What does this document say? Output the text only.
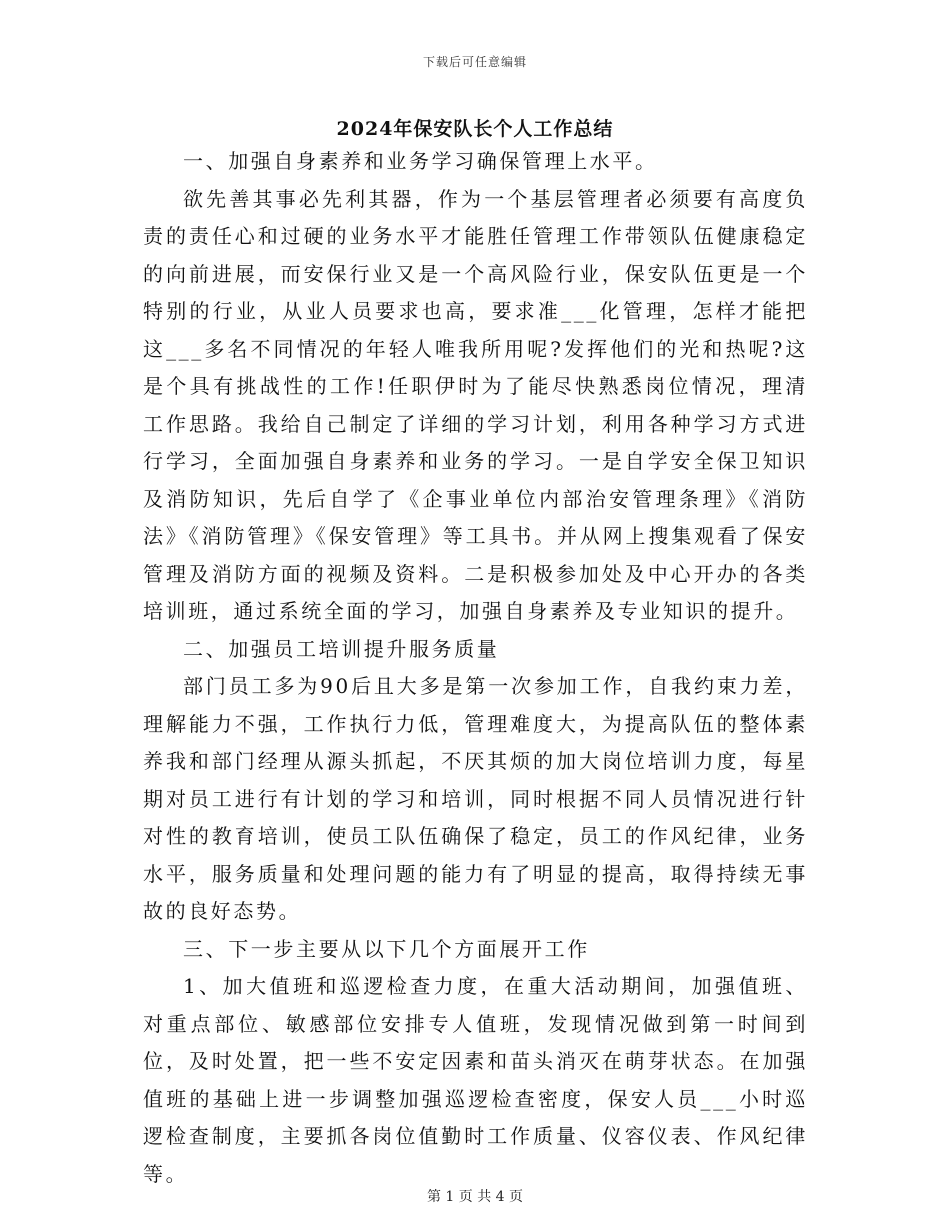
下载后可任意编辑
2024年保安队长个人工作总结

一、加强自身素养和业务学习确保管理上水平。

欲先善其事必先利其器，作为一个基层管理者必须要有高度负责的责任心和过硬的业务水平才能胜任管理工作带领队伍健康稳定的向前进展，而安保行业又是一个高风险行业，保安队伍更是一个特别的行业，从业人员要求也高，要求准___化管理，怎样才能把这___多名不同情况的年轻人唯我所用呢?发挥他们的光和热呢?这是个具有挑战性的工作!任职伊时为了能尽快熟悉岗位情况，理清工作思路。我给自己制定了详细的学习计划，利用各种学习方式进行学习，全面加强自身素养和业务的学习。一是自学安全保卫知识及消防知识，先后自学了《企事业单位内部治安管理条理》《消防法》《消防管理》《保安管理》等工具书。并从网上搜集观看了保安管理及消防方面的视频及资料。二是积极参加处及中心开办的各类培训班，通过系统全面的学习，加强自身素养及专业知识的提升。

二、加强员工培训提升服务质量

部门员工多为90后且大多是第一次参加工作，自我约束力差，理解能力不强，工作执行力低，管理难度大，为提高队伍的整体素养我和部门经理从源头抓起，不厌其烦的加大岗位培训力度，每星期对员工进行有计划的学习和培训，同时根据不同人员情况进行针对性的教育培训，使员工队伍确保了稳定，员工的作风纪律，业务水平，服务质量和处理问题的能力有了明显的提高，取得持续无事故的良好态势。

三、下一步主要从以下几个方面展开工作

1、加大值班和巡逻检查力度，在重大活动期间，加强值班、对重点部位、敏感部位安排专人值班，发现情况做到第一时间到位，及时处置，把一些不安定因素和苗头消灭在萌芽状态。在加强值班的基础上进一步调整加强巡逻检查密度，保安人员___小时巡逻检查制度，主要抓各岗位值勤时工作质量、仪容仪表、作风纪律等。

第 1 页 共 4 页
